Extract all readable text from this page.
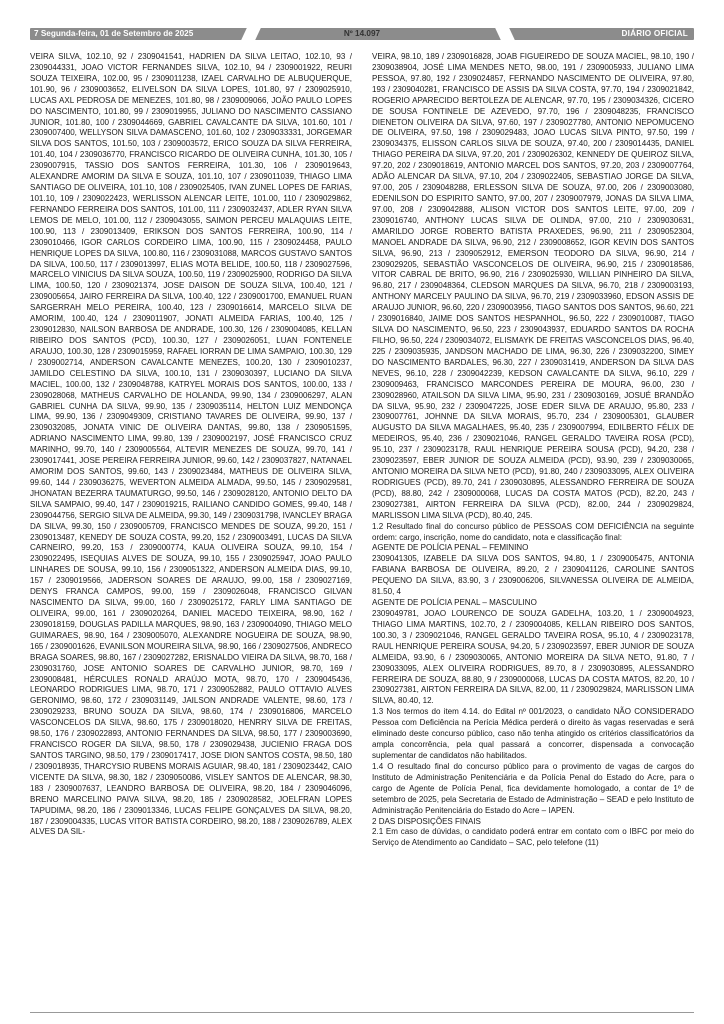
7 Segunda-feira, 01 de Setembro de 2025	Nº 14.097	DIÁRIO OFICIAL

VEIRA SILVA, 102.10, 92 / 2309041541, HADRIEN DA SILVA LEITAO, 102.10, 93 / 2309044331, JOAO VICTOR FERNANDES SILVA, 102.10, 94 / 2309001922, REURI SOUZA TEIXEIRA, 102.00, 95 / 2309011238, IZAEL CARVALHO DE ALBUQUERQUE, 101.90, 96 / 2309003652, ELIVELSON DA SILVA LOPES, 101.80, 97 / 2309025910, LUCAS AXL PEDROSA DE MENEZES, 101.80, 98 / 2309009066, JOÃO PAULO LOPES DO NASCIMENTO, 101.80, 99 / 2309019955, JULIANO DO NASCIMENTO CASSIANO JUNIOR, 101.80, 100 / 2309044669, GABRIEL CAVALCANTE DA SILVA, 101.60, 101 / 2309007400, WELLYSON SILVA DAMASCENO, 101.60, 102 / 2309033331, JORGEMAR SILVA DOS SANTOS, 101.50, 103 / 2309003572, ERICO SOUZA DA SILVA FERREIRA, 101.40, 104 / 2309036770, FRANCISCO RICARDO DE OLIVEIRA CUNHA, 101.30, 105 / 2309007915, TASSIO DOS SANTOS FERREIRA, 101.30, 106 / 2309019643, ALEXANDRE AMORIM DA SILVA E SOUZA, 101.10, 107 / 2309011039, THIAGO LIMA SANTIAGO DE OLIVEIRA, 101.10, 108 / 2309025405, IVAN ZUNEL LOPES DE FARIAS, 101.10, 109 / 2309022423, WERLISSON ALENCAR LEITE, 101.00, 110 / 2309029862, FERNANDO FERREIRA DOS SANTOS, 101.00, 111 / 2309032437, ADLER RYAN SILVA LEMOS DE MELO, 101.00, 112 / 2309043055, SAIMON PERCEU MALAQUIAS LEITE, 100.90, 113 / 2309013409, ERIKSON DOS SANTOS FERREIRA, 100.90, 114 / 2309010466, IGOR CARLOS CORDEIRO LIMA, 100.90, 115 / 2309024458, PAULO HENRIQUE LOPES DA SILVA, 100.80, 116 / 2309031088, MARCOS GUSTAVO SANTOS DA SILVA, 100.50, 117 / 2309013997, ELIAS MOTA BELIDE, 100.50, 118 / 2309027596, MARCELO VINICIUS DA SILVA SOUZA, 100.50, 119 / 2309025900, RODRIGO DA SILVA LIMA, 100.50, 120 / 2309021374, JOSE DAISON DE SOUZA SILVA, 100.40, 121 / 2309005654, JAIRO FERREIRA DA SILVA, 100.40, 122 / 2309001700, EMANUEL RUAN SARGERRAH MELO PEREIRA, 100.40, 123 / 2309016614, MARCELO SILVA DE AMORIM, 100.40, 124 / 2309011907, JONATI ALMEIDA FARIAS, 100.40, 125 / 2309012830, NAILSON BARBOSA DE ANDRADE, 100.30, 126 / 2309004085, KELLAN RIBEIRO DOS SANTOS (PCD), 100.30, 127 / 2309026051, LUAN FONTENELE ARAUJO, 100.30, 128 / 2309015959, RAFAEL IORRAN DE LIMA SAMPAIO, 100.30, 129 / 2309002714, ANDERSON CAVALCANTE MENEZES, 100.20, 130 / 2309010237, JAMILDO CELESTINO DA SILVA, 100.10, 131 / 2309030397, LUCIANO DA SILVA MACIEL, 100.00, 132 / 2309048788, KATRYEL MORAIS DOS SANTOS, 100.00, 133 / 2309028068, MATHEUS CARVALHO DE HOLANDA, 99.90, 134 / 2309006297, ALAN GABRIEL CUNHA DA SILVA, 99.90, 135 / 2309035114, HELTON LUIZ MENDONÇA LIMA, 99.90, 136 / 2309049309, CRISTIANO TAVARES DE OLIVEIRA, 99.90, 137 / 2309032085, JONATA VINIC DE OLIVEIRA DANTAS, 99.80, 138 / 2309051595, ADRIANO NASCIMENTO LIMA, 99.80, 139 / 2309002197, JOSÉ FRANCISCO CRUZ MARINHO, 99.70, 140 / 2309005564, ALTEVIR MENEZES DE SOUZA, 99.70, 141 / 2309017441, JOSE PEREIRA FERREIRA JUNIOR, 99.60, 142 / 2309037827, NATANAEL AMORIM DOS SANTOS, 99.60, 143 / 2309023484, MATHEUS DE OLIVEIRA SILVA, 99.60, 144 / 2309036275, WEVERTON ALMEIDA ALMADA, 99.50, 145 / 2309029581, JHONATAN BEZERRA TAUMATURGO, 99.50, 146 / 2309028120, ANTONIO DELTO DA SILVA SAMPAIO, 99.40, 147 / 2309019215, RAILIANO CANDIDO GOMES, 99.40, 148 / 2309044756, SERGIO SILVA DE ALMEIDA, 99.30, 149 / 2309031798, IVANCLEY BRAGA DA SILVA, 99.30, 150 / 2309005709, FRANCISCO MENDES DE SOUZA, 99.20, 151 / 2309013487, KENEDY DE SOUZA COSTA, 99.20, 152 / 2309003491, LUCAS DA SILVA CARNEIRO, 99.20, 153 / 2309000774, KAUA OLIVEIRA SOUZA, 99.10, 154 / 2309022495, ISEQUIAS ALVES DE SOUZA, 99.10, 155 / 2309025947, JOAO PAULO LINHARES DE SOUSA, 99.10, 156 / 2309051322, ANDERSON ALMEIDA DIAS, 99.10, 157 / 2309019566, JADERSON SOARES DE ARAUJO, 99.00, 158 / 2309027169, DENYS FRANCA CAMPOS, 99.00, 159 / 2309026048, FRANCISCO GILVAN NASCIMENTO DA SILVA, 99.00, 160 / 2309025172, FARLY LIMA SANTIAGO DE OLIVEIRA, 99.00, 161 / 2309020264, DANIEL MACEDO TEIXEIRA, 98.90, 162 / 2309018159, DOUGLAS PADILLA MARQUES, 98.90, 163 / 2309004090, THIAGO MELO GUIMARAES, 98.90, 164 / 2309005070, ALEXANDRE NOGUEIRA DE SOUZA, 98.90, 165 / 2309001626, EVANILSON MOUREIRA SILVA, 98.90, 166 / 2309027506, ANDRECO BRAGA SOARES, 98.80, 167 / 2309027282, ERISNALDO VIEIRA DA SILVA, 98.70, 168 / 2309031760, JOSE ANTONIO SOARES DE CARVALHO JUNIOR, 98.70, 169 / 2309008481, HÉRCULES RONALD ARAÚJO MOTA, 98.70, 170 / 2309045436, LEONARDO RODRIGUES LIMA, 98.70, 171 / 2309052882, PAULO OTTAVIO ALVES GERONIMO, 98.60, 172 / 2309031149, JAILSON ANDRADE VALENTE, 98.60, 173 / 2309029233, BRUNO SOUZA DA SILVA, 98.60, 174 / 2309016806, MARCELO VASCONCELOS DA SILVA, 98.60, 175 / 2309018020, HENRRY SILVA DE FREITAS, 98.50, 176 / 2309022893, ANTONIO FERNANDES DA SILVA, 98.50, 177 / 2309003690, FRANCISCO ROGER DA SILVA, 98.50, 178 / 2309029438, JUCIENIO FRAGA DOS SANTOS TARGINO, 98.50, 179 / 2309017417, JOSE DION SANTOS COSTA, 98.50, 180 / 2309018935, THARCYSIO RUBENS MORAIS AGUIAR, 98.40, 181 / 2309023442, CAIO VICENTE DA SILVA, 98.30, 182 / 2309050086, VISLEY SANTOS DE ALENCAR, 98.30, 183 / 2309007637, LEANDRO BARBOSA DE OLIVEIRA, 98.20, 184 / 2309046096, BRENO MARCELINO PAIVA SILVA, 98.20, 185 / 2309028582, JOELFRAN LOPES TAPUDIMA, 98.20, 186 / 2309013346, LUCAS FELIPE GONÇALVES DA SILVA, 98.20, 187 / 2309004335, LUCAS VITOR BATISTA CORDEIRO, 98.20, 188 / 2309026789, ALEX ALVES DA SIL-

VEIRA, 98.10, 189 / 2309016828, JOAB FIGUEIREDO DE SOUZA MACIEL, 98.10, 190 / 2309038904, JOSÉ LIMA MENDES NETO, 98.00, 191 / 2309005933, JULIANO LIMA PESSOA, 97.80, 192 / 2309024857, FERNANDO NASCIMENTO DE OLIVEIRA, 97.80, 193 / 2309040281, FRANCISCO DE ASSIS DA SILVA COSTA, 97.70, 194 / 2309021842, ROGERIO APARECIDO BERTOLEZA DE ALENCAR, 97.70, 195 / 2309034326, CICERO DE SOUSA FONTINELE DE AZEVEDO, 97.70, 196 / 2309048235, FRANCISCO DIENETON OLIVEIRA DA SILVA, 97.60, 197 / 2309027780, ANTONIO NEPOMUCENO DE OLIVEIRA, 97.50, 198 / 2309029483, JOAO LUCAS SILVA PINTO, 97.50, 199 / 2309034375, ELISSON CARLOS SILVA DE SOUZA, 97.40, 200 / 2309014435, DANIEL THIAGO PEREIRA DA SILVA, 97.20, 201 / 2309026302, KENNEDY DE QUEIROZ SILVA, 97.20, 202 / 2309018619, ANTONIO MARCEL DOS SANTOS, 97.20, 203 / 2309007764, ADÃO ALENCAR DA SILVA, 97.10, 204 / 2309022405, SEBASTIAO JORGE DA SILVA, 97.00, 205 / 2309048288, ERLESSON SILVA DE SOUZA, 97.00, 206 / 2309003080, EDENILSON DO ESPIRITO SANTO, 97.00, 207 / 2309007979, JONAS DA SILVA LIMA, 97.00, 208 / 2309042888, ALISON VICTOR DOS SANTOS LEITE, 97.00, 209 / 2309016740, ANTHONY LUCAS SILVA DE OLINDA, 97.00, 210 / 2309030631, AMARILDO JORGE ROBERTO BATISTA PRAXEDES, 96.90, 211 / 2309052304, MANOEL ANDRADE DA SILVA, 96.90, 212 / 2309008652, IGOR KEVIN DOS SANTOS SILVA, 96.90, 213 / 2309052912, EMERSON TEODORO DA SILVA, 96.90, 214 / 2309029205, SEBASTIÃO VASCONCELOS DE OLIVEIRA, 96.90, 215 / 2309018586, VITOR CABRAL DE BRITO, 96.90, 216 / 2309025930, WILLIAN PINHEIRO DA SILVA, 96.80, 217 / 2309048364, CLEDSON MARQUES DA SILVA, 96.70, 218 / 2309003193, ANTHONY MARCELY PAULINO DA SILVA, 96.70, 219 / 2309033960, EDSON ASSIS DE ARAUJO JUNIOR, 96.60, 220 / 2309003956, TIAGO SANTOS DOS SANTOS, 96.60, 221 / 2309016840, JAIME DOS SANTOS HESPANHOL, 96.50, 222 / 2309010087, TIAGO SILVA DO NASCIMENTO, 96.50, 223 / 2309043937, EDUARDO SANTOS DA ROCHA FILHO, 96.50, 224 / 2309034072, ELISMAYK DE FREITAS VASCONCELOS DIAS, 96.40, 225 / 2309035935, JANDSON MACHADO DE LIMA, 96.30, 226 / 2309032200, SIMEY DO NASCIMENTO BARDALES, 96.30, 227 / 2309031419, ANDERSON DA SILVA DAS NEVES, 96.10, 228 / 2309042239, KEDSON CAVALCANTE DA SILVA, 96.10, 229 / 2309009463, FRANCISCO MARCONDES PEREIRA DE MOURA, 96.00, 230 / 2309028960, ATAILSON DA SILVA LIMA, 95.90, 231 / 2309030169, JOSUÉ BRANDÃO DA SILVA, 95.90, 232 / 2309047225, JOSE EDER SILVA DE ARAUJO, 95.80, 233 / 2309007761, JOHNNE DA SILVA MORAIS, 95.70, 234 / 2309005301, GLAUBER AUGUSTO DA SILVA MAGALHAES, 95.40, 235 / 2309007994, EDILBERTO FÉLIX DE MEDEIROS, 95.40, 236 / 2309021046, RANGEL GERALDO TAVEIRA ROSA (PCD), 95.10, 237 / 2309023178, RAUL HENRIQUE PEREIRA SOUSA (PCD), 94.20, 238 / 2309023597, EBER JUNIOR DE SOUZA ALMEIDA (PCD), 93.90, 239 / 2309030065, ANTONIO MOREIRA DA SILVA NETO (PCD), 91.80, 240 / 2309033095, ALEX OLIVEIRA RODRIGUES (PCD), 89.70, 241 / 2309030895, ALESSANDRO FERREIRA DE SOUZA (PCD), 88.80, 242 / 2309000068, LUCAS DA COSTA MATOS (PCD), 82.20, 243 / 2309027381, AIRTON FERREIRA DA SILVA (PCD), 82.00, 244 / 2309029824, MARLISSON LIMA SILVA (PCD), 80.40, 245.

1.2 Resultado final do concurso público de PESSOAS COM DEFICIÊNCIA na seguinte ordem: cargo, inscrição, nome do candidato, nota e classificação final:

AGENTE DE POLÍCIA PENAL – FEMININO

2309041305, IZABELE DA SILVA DOS SANTOS, 94.80, 1 / 2309005475, ANTONIA FABIANA BARBOSA DE OLIVEIRA, 89.20, 2 / 2309041126, CAROLINE SANTOS PEQUENO DA SILVA, 83.90, 3 / 2309006206, SILVANESSA OLIVEIRA DE ALMEIDA, 81.50, 4

AGENTE DE POLÍCIA PENAL – MASCULINO

2309049781, JOAO LOURENCO DE SOUZA GADELHA, 103.20, 1 / 2309004923, THIAGO LIMA MARTINS, 102.70, 2 / 2309004085, KELLAN RIBEIRO DOS SANTOS, 100.30, 3 / 2309021046, RANGEL GERALDO TAVEIRA ROSA, 95.10, 4 / 2309023178, RAUL HENRIQUE PEREIRA SOUSA, 94.20, 5 / 2309023597, EBER JUNIOR DE SOUZA ALMEIDA, 93.90, 6 / 2309030065, ANTONIO MOREIRA DA SILVA NETO, 91.80, 7 / 2309033095, ALEX OLIVEIRA RODRIGUES, 89.70, 8 / 2309030895, ALESSANDRO FERREIRA DE SOUZA, 88.80, 9 / 2309000068, LUCAS DA COSTA MATOS, 82.20, 10 / 2309027381, AIRTON FERREIRA DA SILVA, 82.00, 11 / 2309029824, MARLISSON LIMA SILVA, 80.40, 12.

1.3 Nos termos do item 4.14. do Edital nº 001/2023, o candidato NÃO CONSIDERADO Pessoa com Deficiência na Perícia Médica perderá o direito às vagas reservadas e será eliminado deste concurso público, caso não tenha atingido os critérios classificatórios da ampla concorrência, pela qual passará a concorrer, dispensada a convocação suplementar de candidatos não habilitados.

1.4 O resultado final do concurso público para o provimento de vagas de cargos do Instituto de Administração Penitenciária e da Polícia Penal do Estado do Acre, para o cargo de Agente de Polícia Penal, fica devidamente homologado, a contar de 1º de setembro de 2025, pela Secretaria de Estado de Administração – SEAD e pelo Instituto de Administração Penitenciária do Estado do Acre – IAPEN.

2 DAS DISPOSIÇÕES FINAIS

2.1 Em caso de dúvidas, o candidato poderá entrar em contato com o IBFC por meio do Serviço de Atendimento ao Candidato – SAC, pelo telefone (11)
